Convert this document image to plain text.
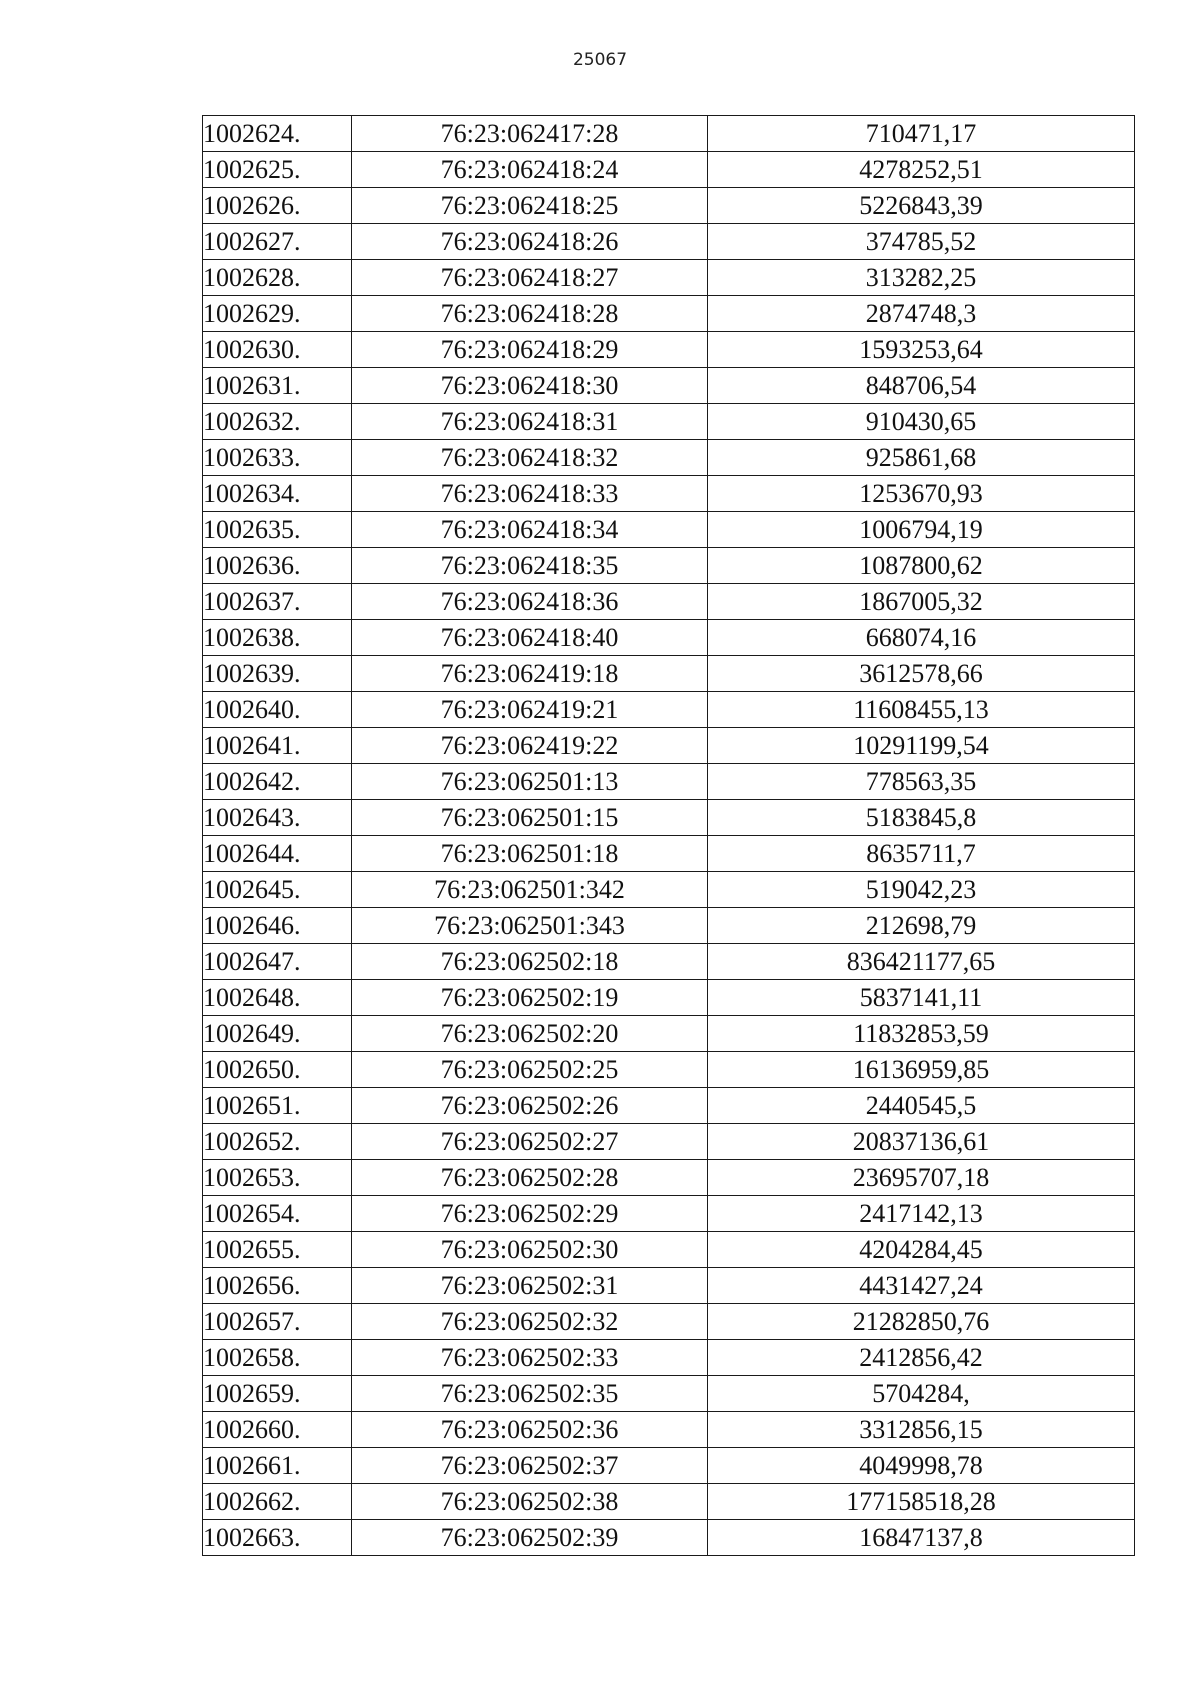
25067
1002624.	76:23:062417:28	710471,17
1002625.	76:23:062418:24	4278252,51
1002626.	76:23:062418:25	5226843,39
1002627.	76:23:062418:26	374785,52
1002628.	76:23:062418:27	313282,25
1002629.	76:23:062418:28	2874748,3
1002630.	76:23:062418:29	1593253,64
1002631.	76:23:062418:30	848706,54
1002632.	76:23:062418:31	910430,65
1002633.	76:23:062418:32	925861,68
1002634.	76:23:062418:33	1253670,93
1002635.	76:23:062418:34	1006794,19
1002636.	76:23:062418:35	1087800,62
1002637.	76:23:062418:36	1867005,32
1002638.	76:23:062418:40	668074,16
1002639.	76:23:062419:18	3612578,66
1002640.	76:23:062419:21	11608455,13
1002641.	76:23:062419:22	10291199,54
1002642.	76:23:062501:13	778563,35
1002643.	76:23:062501:15	5183845,8
1002644.	76:23:062501:18	8635711,7
1002645.	76:23:062501:342	519042,23
1002646.	76:23:062501:343	212698,79
1002647.	76:23:062502:18	836421177,65
1002648.	76:23:062502:19	5837141,11
1002649.	76:23:062502:20	11832853,59
1002650.	76:23:062502:25	16136959,85
1002651.	76:23:062502:26	2440545,5
1002652.	76:23:062502:27	20837136,61
1002653.	76:23:062502:28	23695707,18
1002654.	76:23:062502:29	2417142,13
1002655.	76:23:062502:30	4204284,45
1002656.	76:23:062502:31	4431427,24
1002657.	76:23:062502:32	21282850,76
1002658.	76:23:062502:33	2412856,42
1002659.	76:23:062502:35	5704284,
1002660.	76:23:062502:36	3312856,15
1002661.	76:23:062502:37	4049998,78
1002662.	76:23:062502:38	177158518,28
1002663.	76:23:062502:39	16847137,8
